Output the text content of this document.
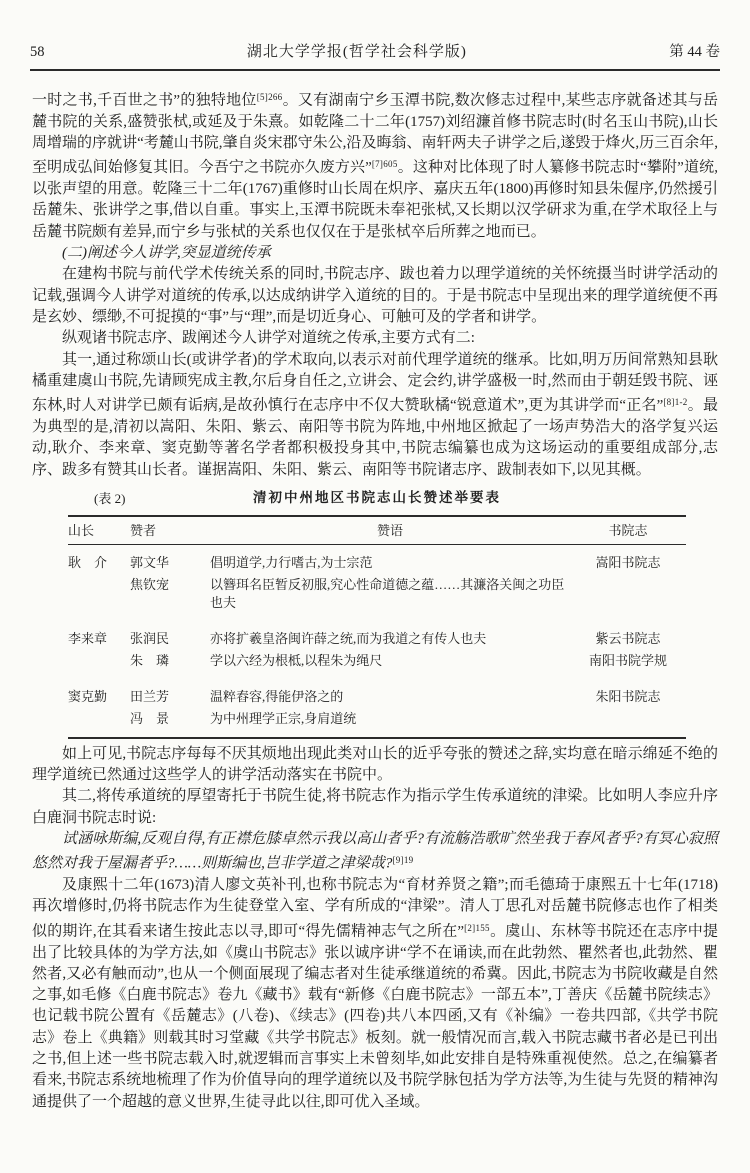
58	湖北大学学报(哲学社会科学版)	第 44 卷

一时之书,千百世之书”的独特地位$^{[5]266}$。又有湖南宁乡玉潭书院,数次修志过程中,某些志序就备述其与岳麓书院的关系,盛赞张栻,或延及于朱熹。如乾隆二十二年(1757)刘绍濂首修书院志时(时名玉山书院),山长周增瑞的序就讲“考麓山书院,肇自炎宋郡守朱公,沿及晦翁、南轩两夫子讲学之后,遂毁于烽火,历三百余年,至明成弘间始修复其旧。今吾宁之书院亦久废方兴”$^{[7]605}$。这种对比体现了时人纂修书院志时“攀附”道统,以张声望的用意。乾隆三十二年(1767)重修时山长周在炽序、嘉庆五年(1800)再修时知县朱偓序,仍然援引岳麓朱、张讲学之事,借以自重。事实上,玉潭书院既未奉祀张栻,又长期以汉学研求为重,在学术取径上与岳麓书院颇有差异,而宁乡与张栻的关系也仅仅在于是张栻卒后所葬之地而已。

(二)阐述今人讲学,突显道统传承

在建构书院与前代学术传统关系的同时,书院志序、跋也着力以理学道统的关怀统摄当时讲学活动的记载,强调今人讲学对道统的传承,以达成纳讲学入道统的目的。于是书院志中呈现出来的理学道统便不再是玄妙、缥缈,不可捉摸的“事”与“理”,而是切近身心、可触可及的学者和讲学。

纵观诸书院志序、跋阐述今人讲学对道统之传承,主要方式有二:

其一,通过称颂山长(或讲学者)的学术取向,以表示对前代理学道统的继承。比如,明万历间常熟知县耿橘重建虞山书院,先请顾宪成主教,尔后身自任之,立讲会、定会约,讲学盛极一时,然而由于朝廷毁书院、诬东林,时人对讲学已颇有诟病,是故孙慎行在志序中不仅大赞耿橘“锐意道术”,更为其讲学而“正名”$^{[8]1-2}$。最为典型的是,清初以嵩阳、朱阳、紫云、南阳等书院为阵地,中州地区掀起了一场声势浩大的洛学复兴运动,耿介、李来章、窦克勤等著名学者都积极投身其中,书院志编纂也成为这场运动的重要组成部分,志序、跋多有赞其山长者。谨据嵩阳、朱阳、紫云、南阳等书院诸志序、跋制表如下,以见其概。

(表 2)	清初中州地区书院志山长赞述举要表
山长	赞者	赞语	书院志
耿　介	郭文华	倡明道学,力行嗜古,为士宗范	嵩阳书院志
	焦钦宠	以簪珥名臣暂反初服,究心性命道德之蕴……其濂洛关闽之功臣也夫	
李来章	张润民	亦将扩羲皇洛闽许薛之统,而为我道之有传人也夫	紫云书院志
	朱　璘	学以六经为根柢,以程朱为绳尺	南阳书院学规
窦克勤	田兰芳	温粹舂容,得能伊洛之的	朱阳书院志
	冯　景	为中州理学正宗,身肩道统	

如上可见,书院志序每每不厌其烦地出现此类对山长的近乎夸张的赞述之辞,实均意在暗示绵延不绝的理学道统已然通过这些学人的讲学活动落实在书院中。

其二,将传承道统的厚望寄托于书院生徒,将书院志作为指示学生传承道统的津梁。比如明人李应升序白鹿洞书院志时说:

试涵咏斯编,反观自得,有正襟危膝卓然示我以高山者乎?有流觞浩歌旷然坐我于春风者乎?有冥心寂照悠然对我于屋漏者乎?……则斯编也,岂非学道之津梁哉?$^{[9]19}$

及康熙十二年(1673)清人廖文英补刊,也称书院志为“育材养贤之籍”;而毛德琦于康熙五十七年(1718)再次增修时,仍将书院志作为生徒登堂入室、学有所成的“津梁”。清人丁思孔对岳麓书院修志也作了相类似的期许,在其看来诸生按此志以寻,即可“得先儒精神志气之所在”$^{[2]155}$。虞山、东林等书院还在志序中提出了比较具体的为学方法,如《虞山书院志》张以诚序讲“学不在诵读,而在此勃然、瞿然者也,此勃然、瞿然者,又必有触而动”,也从一个侧面展现了编志者对生徒承继道统的希冀。因此,书院志为书院收藏是自然之事,如毛修《白鹿书院志》卷九《藏书》载有“新修《白鹿书院志》一部五本”,丁善庆《岳麓书院续志》也记载书院公置有《岳麓志》(八卷)、《续志》(四卷)共八本四函,又有《补编》一卷共四部,《共学书院志》卷上《典籍》则载其时习堂藏《共学书院志》板刻。就一般情况而言,载入书院志藏书者必是已刊出之书,但上述一些书院志载入时,就逻辑而言事实上未曾刻毕,如此安排自是特殊重视使然。总之,在编纂者看来,书院志系统地梳理了作为价值导向的理学道统以及书院学脉包括为学方法等,为生徒与先贤的精神沟通提供了一个超越的意义世界,生徒寻此以往,即可优入圣域。
